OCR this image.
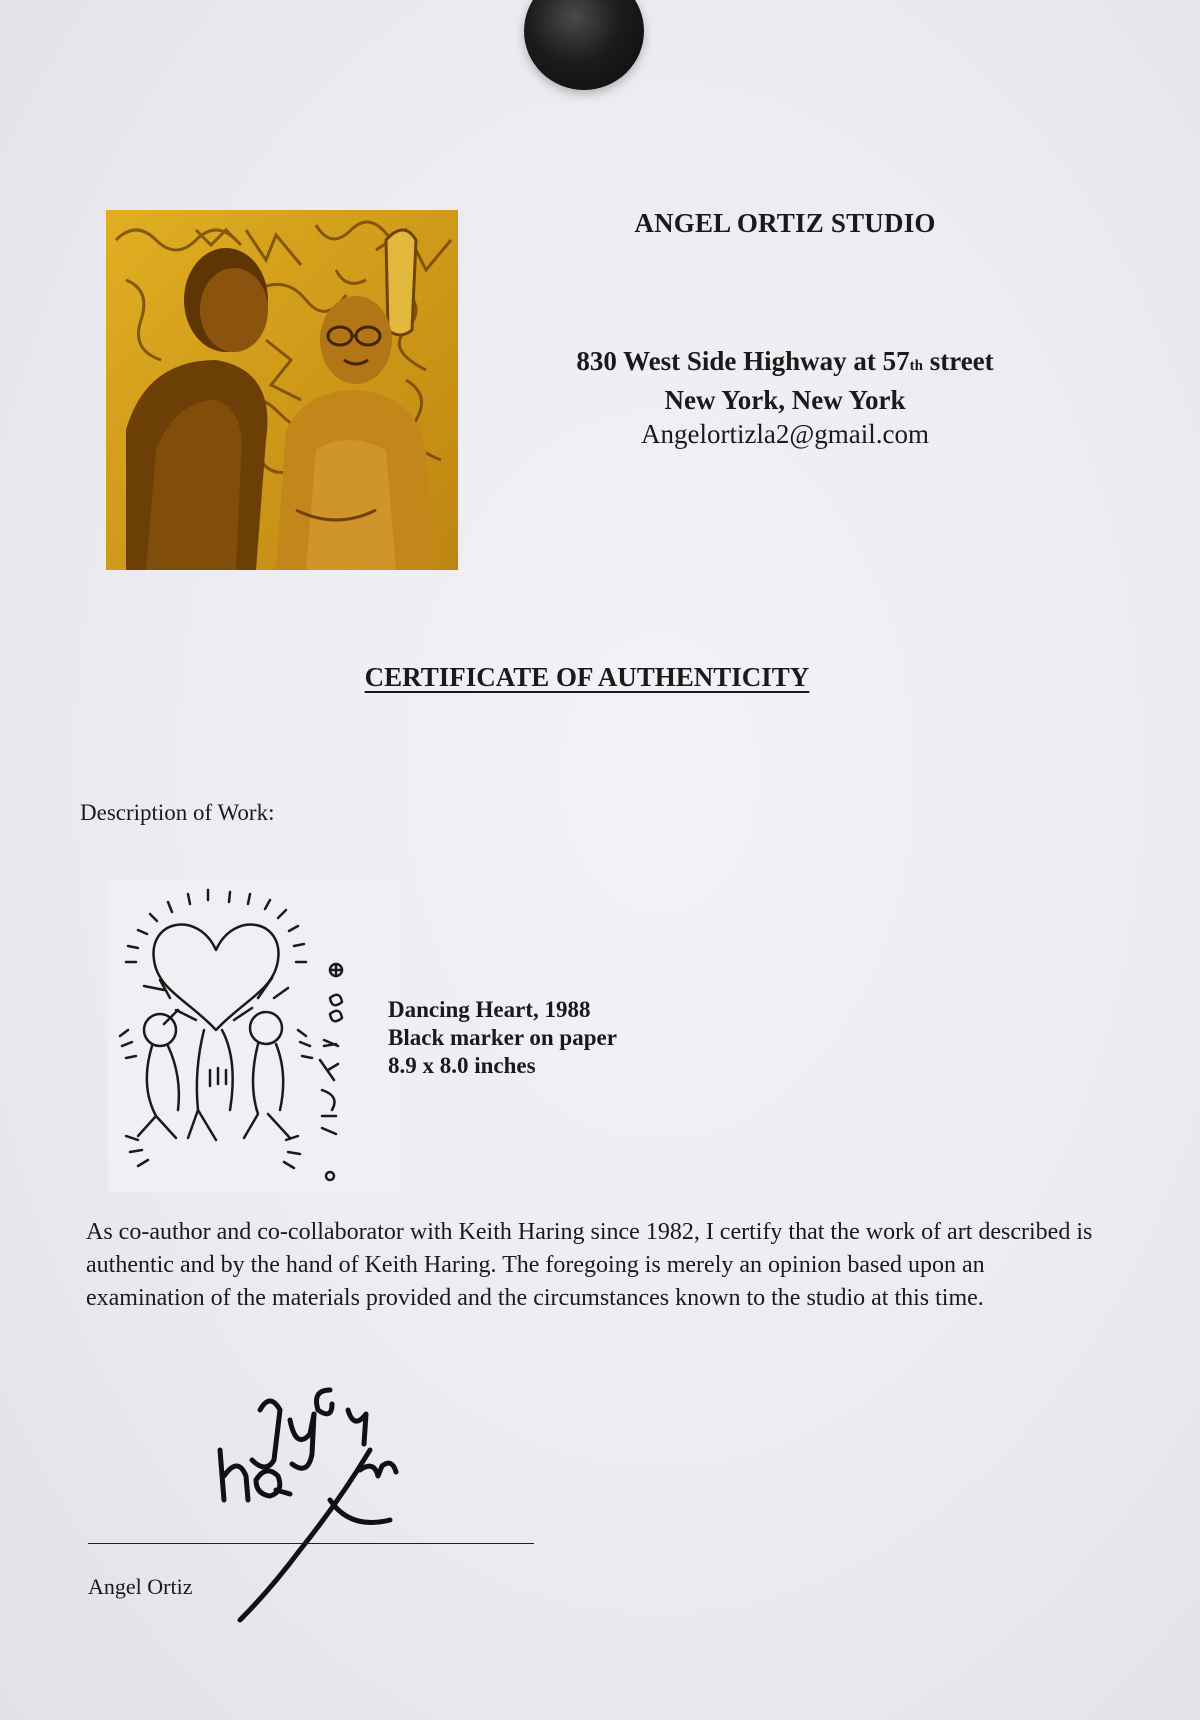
ANGEL ORTIZ STUDIO
830 West Side Highway at 57th street
New York, New York
Angelortizla2@gmail.com
CERTIFICATE OF AUTHENTICITY
Description of Work:
Dancing Heart, 1988
Black marker on paper
8.9 x 8.0 inches
As co-author and co-collaborator with Keith Haring since 1982, I certify that the work of art described is authentic and by the hand of Keith Haring. The foregoing is merely an opinion based upon an examination of the materials provided and the circumstances known to the studio at this time.
Angel Ortiz
